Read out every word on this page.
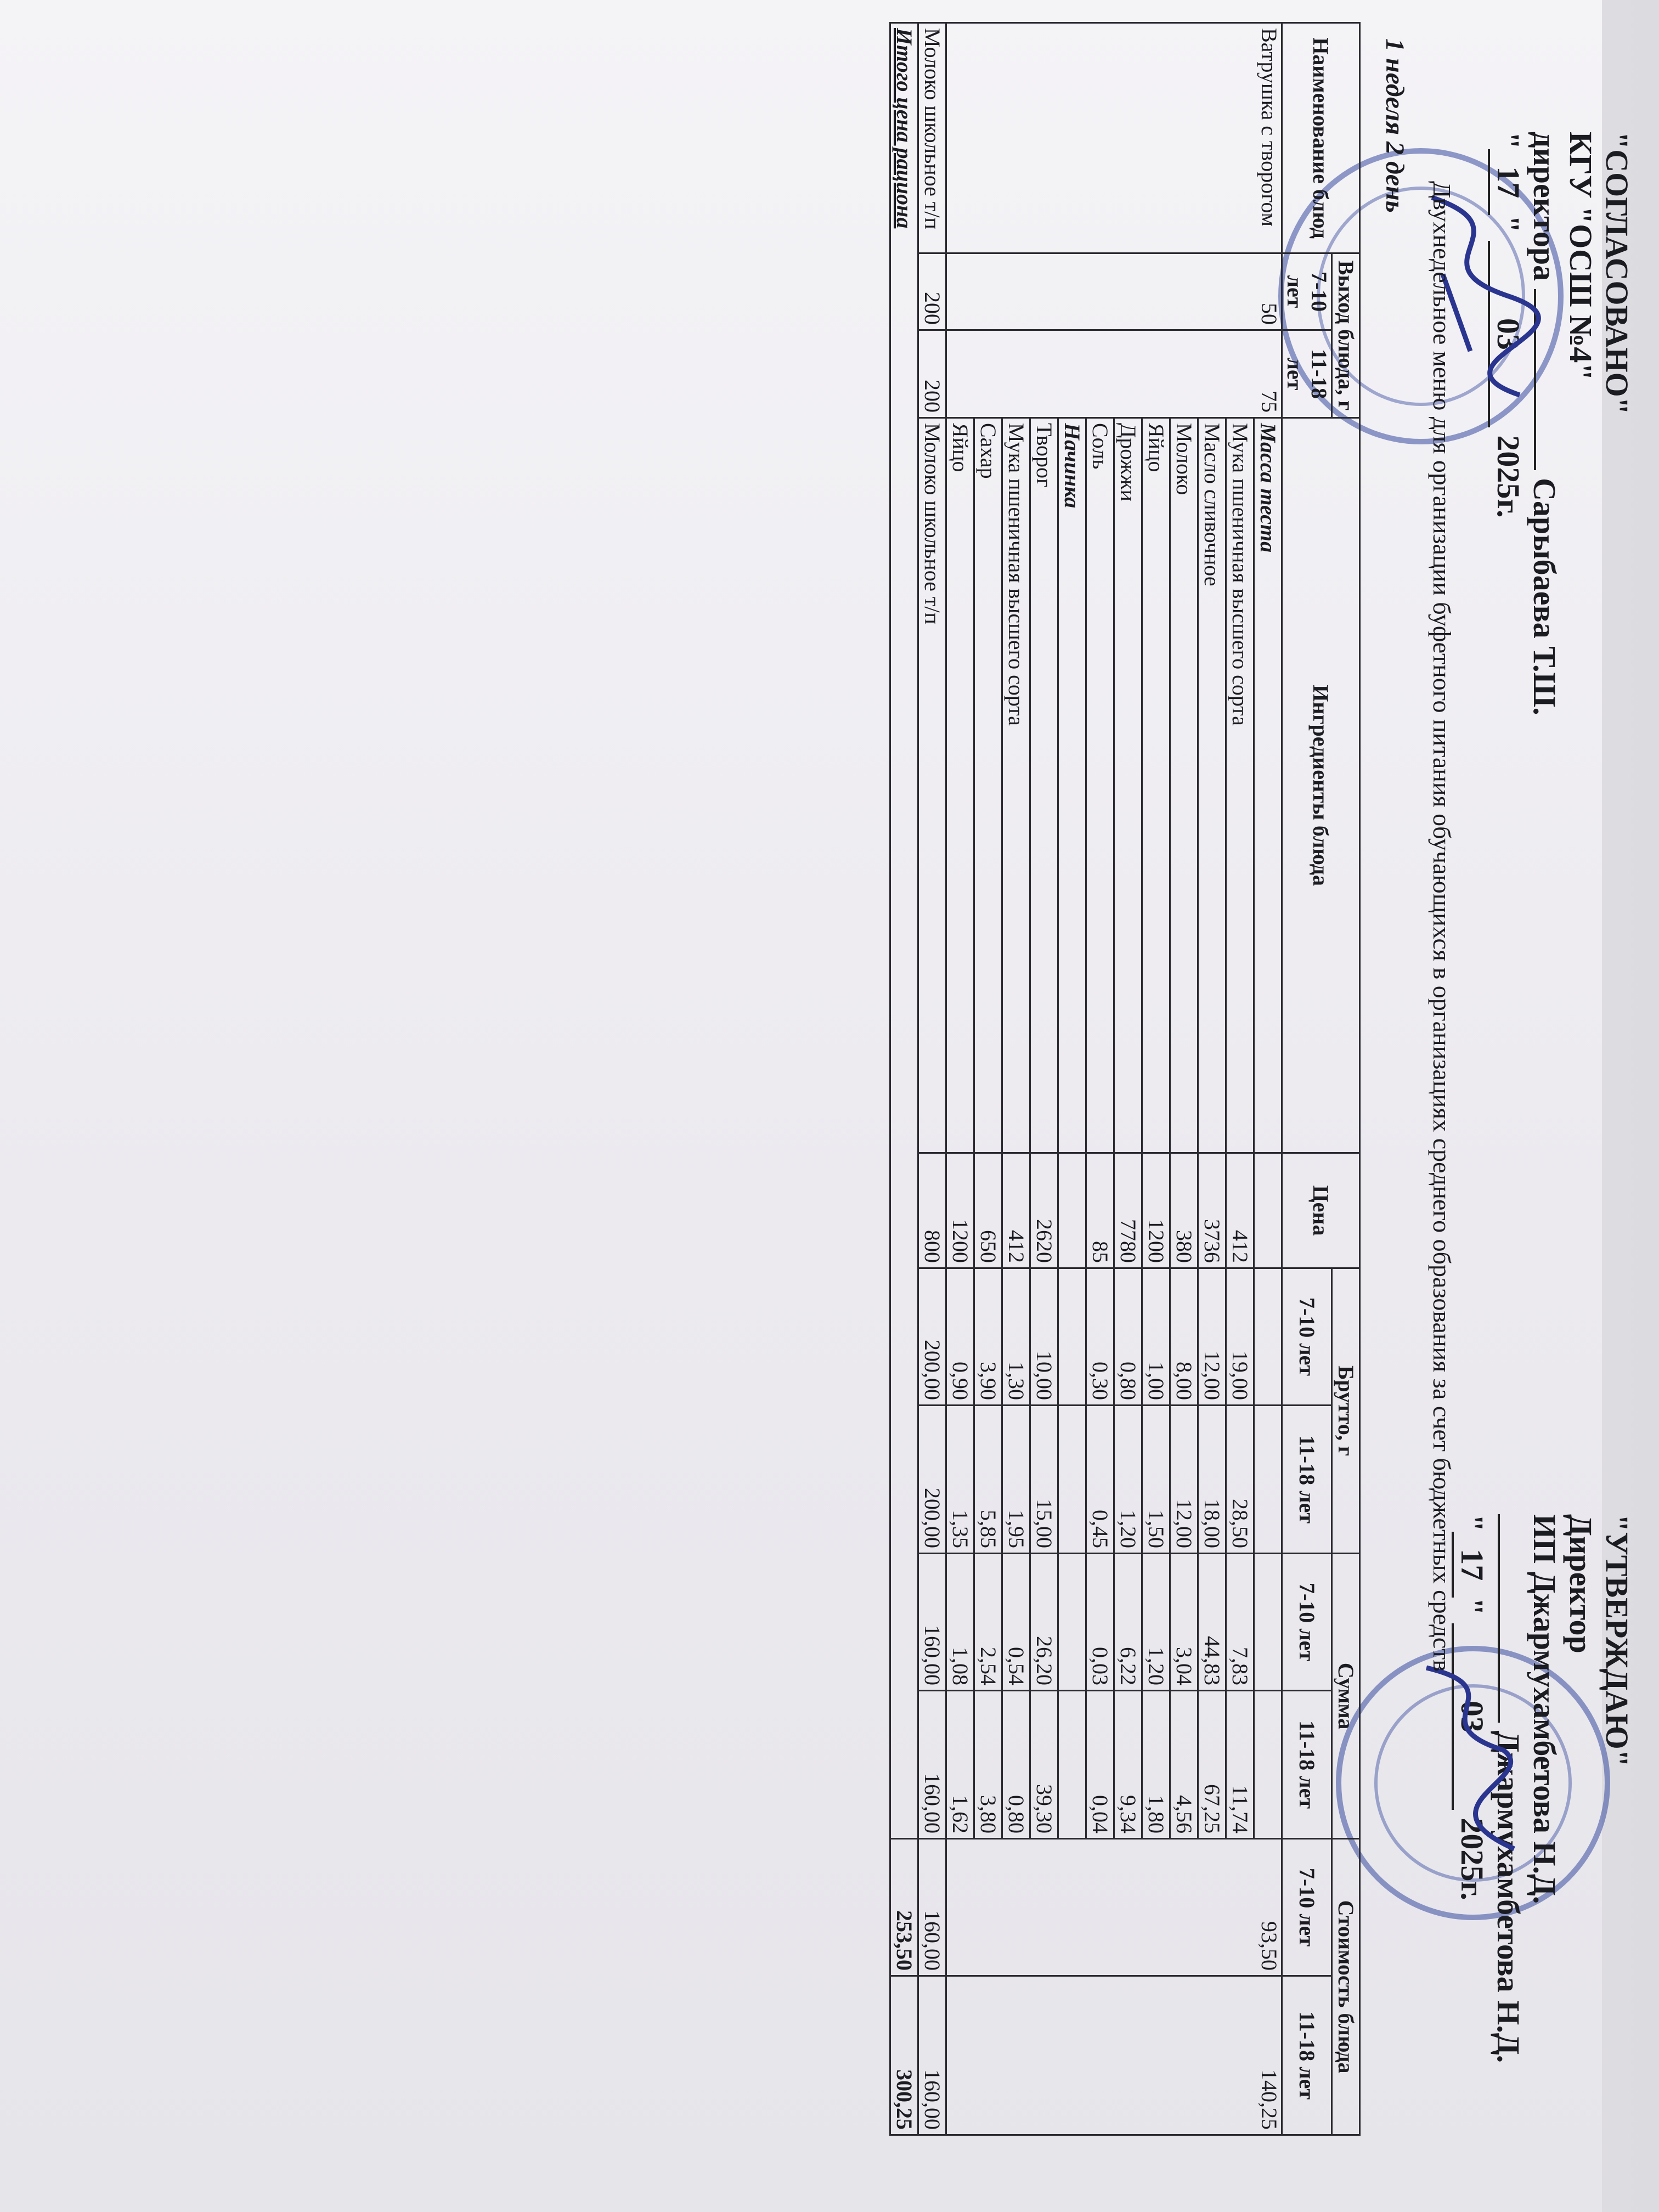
"СОГЛАСОВАНО"
КГУ "ОСШ №4"
директора  Сарыбаева Т.Ш.
"17" 03 2025г.
"УТВЕРЖДАЮ"
Директор
ИП Джармухамбетова Н.Д.
Джармухамбетова Н.Д.
"17" 03 2025г.
Двухнедельное меню для организации буфетного питания обучающихся в организациях среднего образования за счет бюджетных средств
1 неделя 2 день
Наименование блюд	Выход блюда, г		Ингредиенты блюда	Цена	Брутто, г		Сумма		Стоимость блюда	
	7-10 лет	11-18 лет			7-10 лет	11-18 лет	7-10 лет	11-18 лет	7-10 лет	11-18 лет
Ватрушка с творогом	50	75	Масса теста						93,50	140,25
			Мука пшеничная высшего сорта	412	19,00	28,50	7,83	11,74		
			Масло сливочное	3736	12,00	18,00	44,83	67,25		
			Молоко	380	8,00	12,00	3,04	4,56		
			Яйцо	1200	1,00	1,50	1,20	1,80		
			Дрожжи	7780	0,80	1,20	6,22	9,34		
			Соль	85	0,30	0,45	0,03	0,04		
			Начинка							
			Творог	2620	10,00	15,00	26,20	39,30		
			Мука пшеничная высшего сорта	412	1,30	1,95	0,54	0,80		
			Сахар	650	3,90	5,85	2,54	3,80		
			Яйцо	1200	0,90	1,35	1,08	1,62		
Молоко школьное т/п	200	200	Молоко школьное т/п	800	200,00	200,00	160,00	160,00	160,00	160,00
Итого цена рациона									253,50	300,25
